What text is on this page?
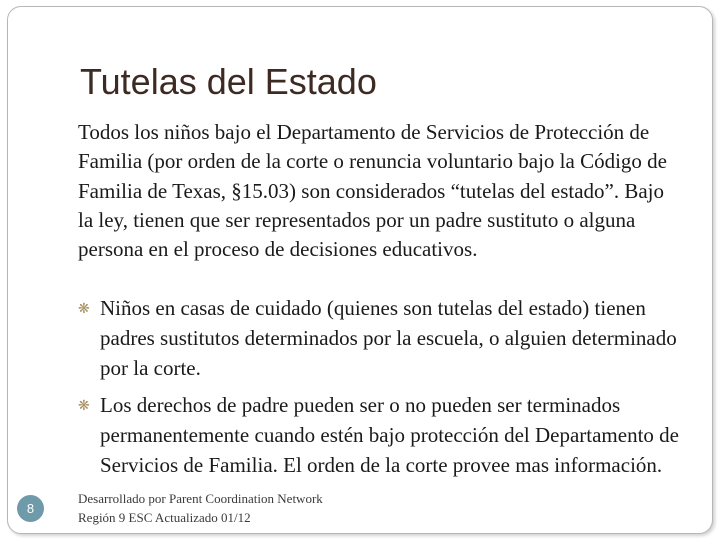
Tutelas del Estado

Todos los niños bajo el Departamento de Servicios de Protección de Familia (por orden de la corte o renuncia voluntario bajo la Código de Familia de Texas, §15.03) son considerados “tutelas del estado”. Bajo la ley, tienen que ser representados por un padre sustituto o alguna persona en el proceso de decisiones educativos.

❋ Niños en casas de cuidado (quienes son tutelas del estado) tienen padres sustitutos determinados por la escuela, o alguien determinado por la corte.

❋ Los derechos de padre pueden ser o no pueden ser terminados permanentemente cuando estén bajo protección del Departamento de Servicios de Familia. El orden de la corte provee mas información.

8
Desarrollado por Parent Coordination Network
Región 9 ESC Actualizado 01/12
